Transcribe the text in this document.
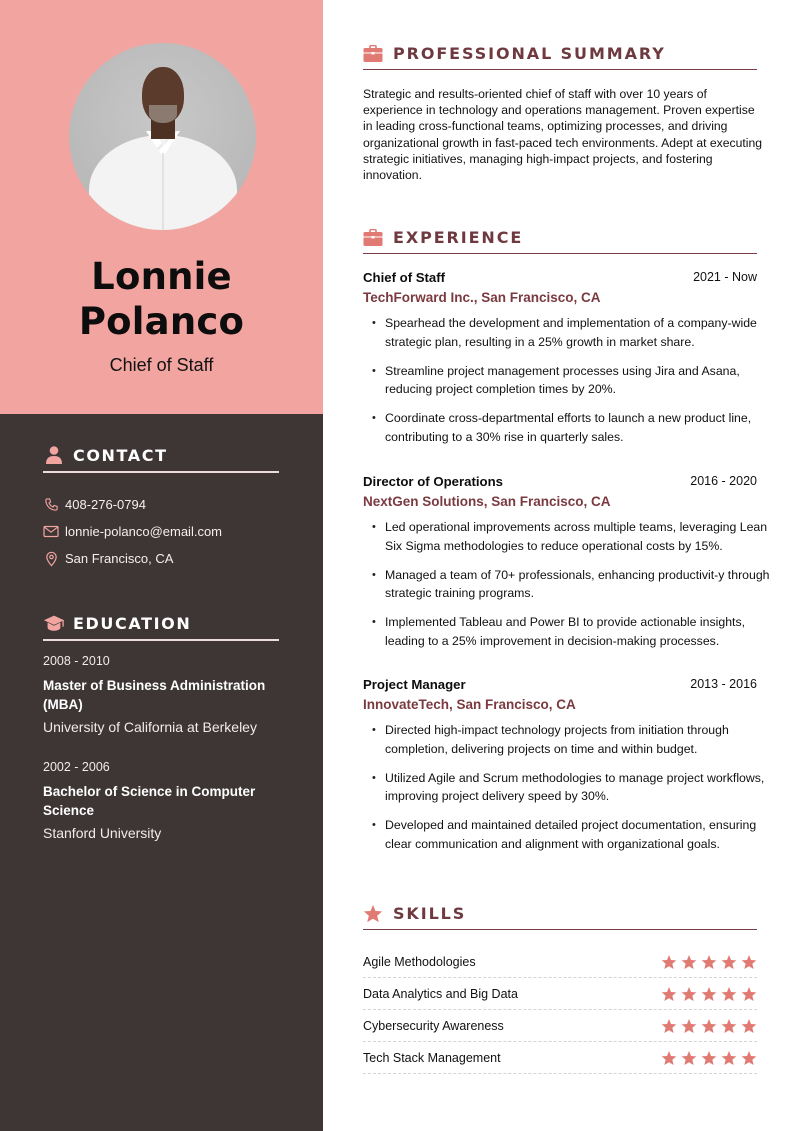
Lonnie
Polanco
Chief of Staff
CONTACT
408-276-0794
lonnie-polanco@email.com
San Francisco, CA
EDUCATION
2008 - 2010
Master of Business Administration (MBA)
University of California at Berkeley
2002 - 2006
Bachelor of Science in Computer Science
Stanford University
PROFESSIONAL SUMMARY

Strategic and results-oriented chief of staff with over 10 years of experience in technology and operations management. Proven expertise in leading cross-functional teams, optimizing processes, and driving organizational growth in fast-paced tech environments. Adept at executing strategic initiatives, managing high-impact projects, and fostering innovation.

EXPERIENCE
Chief of Staff	2021 - Now
TechForward Inc., San Francisco, CA
• Spearhead the development and implementation of a company-wide strategic plan, resulting in a 25% growth in market share.
• Streamline project management processes using Jira and Asana, reducing project completion times by 20%.
• Coordinate cross-departmental efforts to launch a new product line, contributing to a 30% rise in quarterly sales.
Director of Operations	2016 - 2020
NextGen Solutions, San Francisco, CA
• Led operational improvements across multiple teams, leveraging Lean Six Sigma methodologies to reduce operational costs by 15%.
• Managed a team of 70+ professionals, enhancing productivit-y through strategic training programs.
• Implemented Tableau and Power BI to provide actionable insights, leading to a 25% improvement in decision-making processes.
Project Manager	2013 - 2016
InnovateTech, San Francisco, CA
• Directed high-impact technology projects from initiation through completion, delivering projects on time and within budget.
• Utilized Agile and Scrum methodologies to manage project workflows, improving project delivery speed by 30%.
• Developed and maintained detailed project documentation, ensuring clear communication and alignment with organizational goals.
SKILLS
Agile Methodologies
Data Analytics and Big Data
Cybersecurity Awareness
Tech Stack Management
